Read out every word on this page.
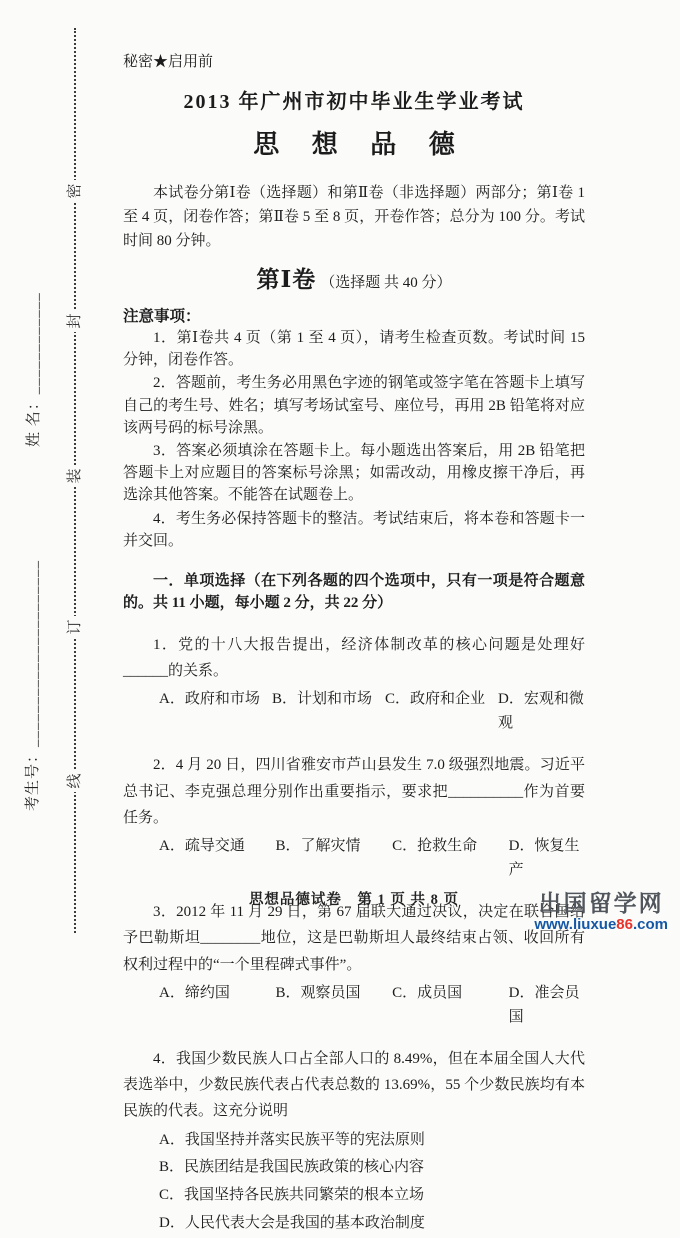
姓 名：____________
考生号：______________________
密
封
装
订
线
秘密★启用前
2013 年广州市初中毕业生学业考试
思 想 品 德

本试卷分第Ⅰ卷（选择题）和第Ⅱ卷（非选择题）两部分；第Ⅰ卷 1 至 4 页，闭卷作答；第Ⅱ卷 5 至 8 页，开卷作答；总分为 100 分。考试时间 80 分钟。

第Ⅰ卷 （选择题 共 40 分）
注意事项：

1．第Ⅰ卷共 4 页（第 1 至 4 页），请考生检查页数。考试时间 15 分钟，闭卷作答。

2．答题前，考生务必用黑色字迹的钢笔或签字笔在答题卡上填写自己的考生号、姓名；填写考场试室号、座位号，再用 2B 铅笔将对应该两号码的标号涂黑。

3．答案必须填涂在答题卡上。每小题选出答案后，用 2B 铅笔把答题卡上对应题目的答案标号涂黑；如需改动，用橡皮擦干净后，再选涂其他答案。不能答在试题卷上。

4．考生务必保持答题卡的整洁。考试结束后，将本卷和答题卡一并交回。

一．单项选择（在下列各题的四个选项中，只有一项是符合题意的。共 11 小题，每小题 2 分，共 22 分）

1．党的十八大报告提出，经济体制改革的核心问题是处理好______的关系。

A．政府和市场 B．计划和市场 C．政府和企业 D．宏观和微观

2．4 月 20 日，四川省雅安市芦山县发生 7.0 级强烈地震。习近平总书记、李克强总理分别作出重要指示，要求把__________作为首要任务。

A．疏导交通	B．了解灾情	C．抢救生命	D．恢复生产

3．2012 年 11 月 29 日，第 67 届联大通过决议，决定在联合国给予巴勒斯坦________地位，这是巴勒斯坦人最终结束占领、收回所有权利过程中的“一个里程碑式事件”。

A．缔约国	B．观察员国	C．成员国	D．准会员国

4．我国少数民族人口占全部人口的 8.49%，但在本届全国人大代表选举中，少数民族代表占代表总数的 13.69%，55 个少数民族均有本民族的代表。这充分说明

A．我国坚持并落实民族平等的宪法原则
B．民族团结是我国民族政策的核心内容
C．我国坚持各民族共同繁荣的根本立场
D．人民代表大会是我国的基本政治制度
思想品德试卷　第 1 页 共 8 页	出国留学网
www.liuxue86.com
